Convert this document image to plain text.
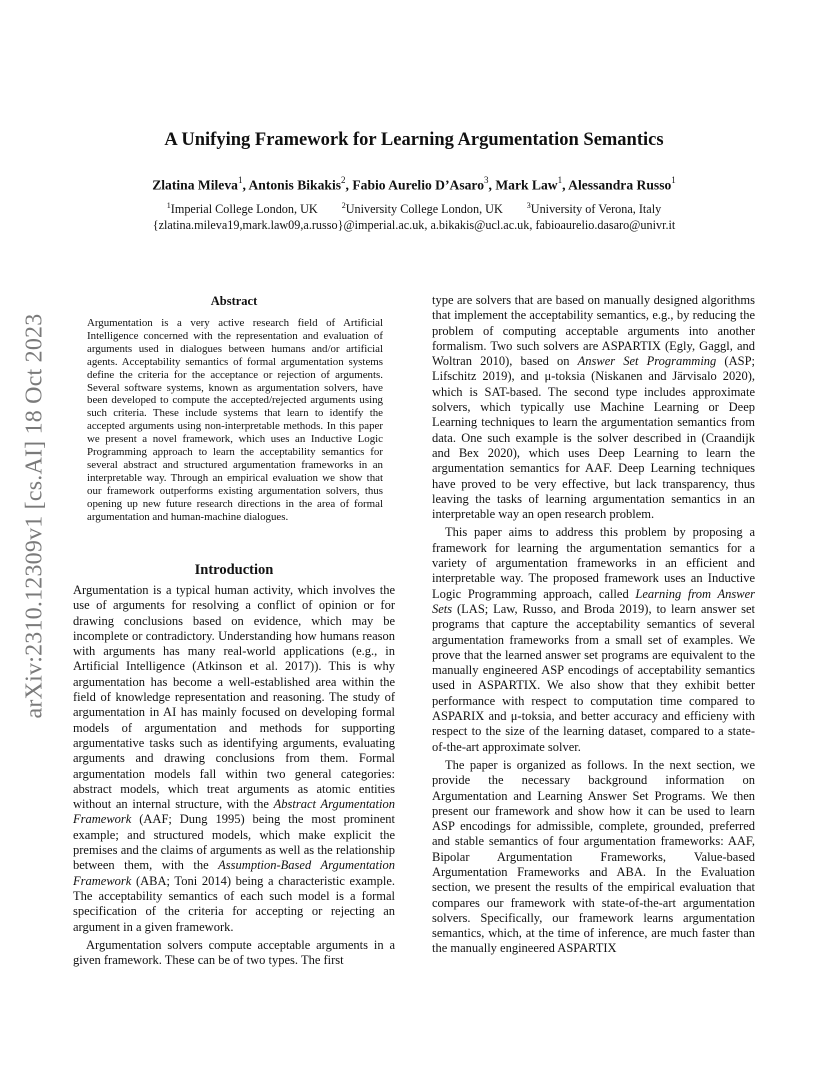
A Unifying Framework for Learning Argumentation Semantics
Zlatina Mileva$^1$, Antonis Bikakis$^2$, Fabio Aurelio D’Asaro$^3$, Mark Law$^1$, Alessandra Russo$^1$
$^1$Imperial College London, UK	$^2$University College London, UK	$^3$University of Verona, Italy
{zlatina.mileva19,mark.law09,a.russo}@imperial.ac.uk, a.bikakis@ucl.ac.uk, fabioaurelio.dasaro@univr.it
arXiv:2310.12309v1 [cs.AI] 18 Oct 2023
Abstract
Argumentation is a very active research field of Artificial Intelligence concerned with the representation and evaluation of arguments used in dialogues between humans and/or artificial agents. Acceptability semantics of formal argumentation systems define the criteria for the acceptance or rejection of arguments. Several software systems, known as argumentation solvers, have been developed to compute the accepted/rejected arguments using such criteria. These include systems that learn to identify the accepted arguments using non-interpretable methods. In this paper we present a novel framework, which uses an Inductive Logic Programming approach to learn the acceptability semantics for several abstract and structured argumentation frameworks in an interpretable way. Through an empirical evaluation we show that our framework outperforms existing argumentation solvers, thus opening up new future research directions in the area of formal argumentation and human-machine dialogues.
Introduction

Argumentation is a typical human activity, which involves the use of arguments for resolving a conflict of opinion or for drawing conclusions based on evidence, which may be incomplete or contradictory. Understanding how humans reason with arguments has many real-world applications (e.g., in Artificial Intelligence (Atkinson et al. 2017)). This is why argumentation has become a well-established area within the field of knowledge representation and reasoning. The study of argumentation in AI has mainly focused on developing formal models of argumentation and methods for supporting argumentative tasks such as identifying arguments, evaluating arguments and drawing conclusions from them. Formal argumentation models fall within two general categories: abstract models, which treat arguments as atomic entities without an internal structure, with the Abstract Argumentation Framework (AAF; Dung 1995) being the most prominent example; and structured models, which make explicit the premises and the claims of arguments as well as the relationship between them, with the Assumption-Based Argumentation Framework (ABA; Toni 2014) being a characteristic example. The acceptability semantics of each such model is a formal specification of the criteria for accepting or rejecting an argument in a given framework.

Argumentation solvers compute acceptable arguments in a given framework. These can be of two types. The first

type are solvers that are based on manually designed algorithms that implement the acceptability semantics, e.g., by reducing the problem of computing acceptable arguments into another formalism. Two such solvers are ASPARTIX (Egly, Gaggl, and Woltran 2010), based on Answer Set Programming (ASP; Lifschitz 2019), and μ-toksia (Niskanen and Järvisalo 2020), which is SAT-based. The second type includes approximate solvers, which typically use Machine Learning or Deep Learning techniques to learn the argumentation semantics from data. One such example is the solver described in (Craandijk and Bex 2020), which uses Deep Learning to learn the argumentation semantics for AAF. Deep Learning techniques have proved to be very effective, but lack transparency, thus leaving the tasks of learning argumentation semantics in an interpretable way an open research problem.

This paper aims to address this problem by proposing a framework for learning the argumentation semantics for a variety of argumentation frameworks in an efficient and interpretable way. The proposed framework uses an Inductive Logic Programming approach, called Learning from Answer Sets (LAS; Law, Russo, and Broda 2019), to learn answer set programs that capture the acceptability semantics of several argumentation frameworks from a small set of examples. We prove that the learned answer set programs are equivalent to the manually engineered ASP encodings of acceptability semantics used in ASPARTIX. We also show that they exhibit better performance with respect to computation time compared to ASPARIX and μ-toksia, and better accuracy and efficieny with respect to the size of the learning dataset, compared to a state-of-the-art approximate solver.

The paper is organized as follows. In the next section, we provide the necessary background information on Argumentation and Learning Answer Set Programs. We then present our framework and show how it can be used to learn ASP encodings for admissible, complete, grounded, preferred and stable semantics of four argumentation frameworks: AAF, Bipolar Argumentation Frameworks, Value-based Argumentation Frameworks and ABA. In the Evaluation section, we present the results of the empirical evaluation that compares our framework with state-of-the-art argumentation solvers. Specifically, our framework learns argumentation semantics, which, at the time of inference, are much faster than the manually engineered ASPARTIX
